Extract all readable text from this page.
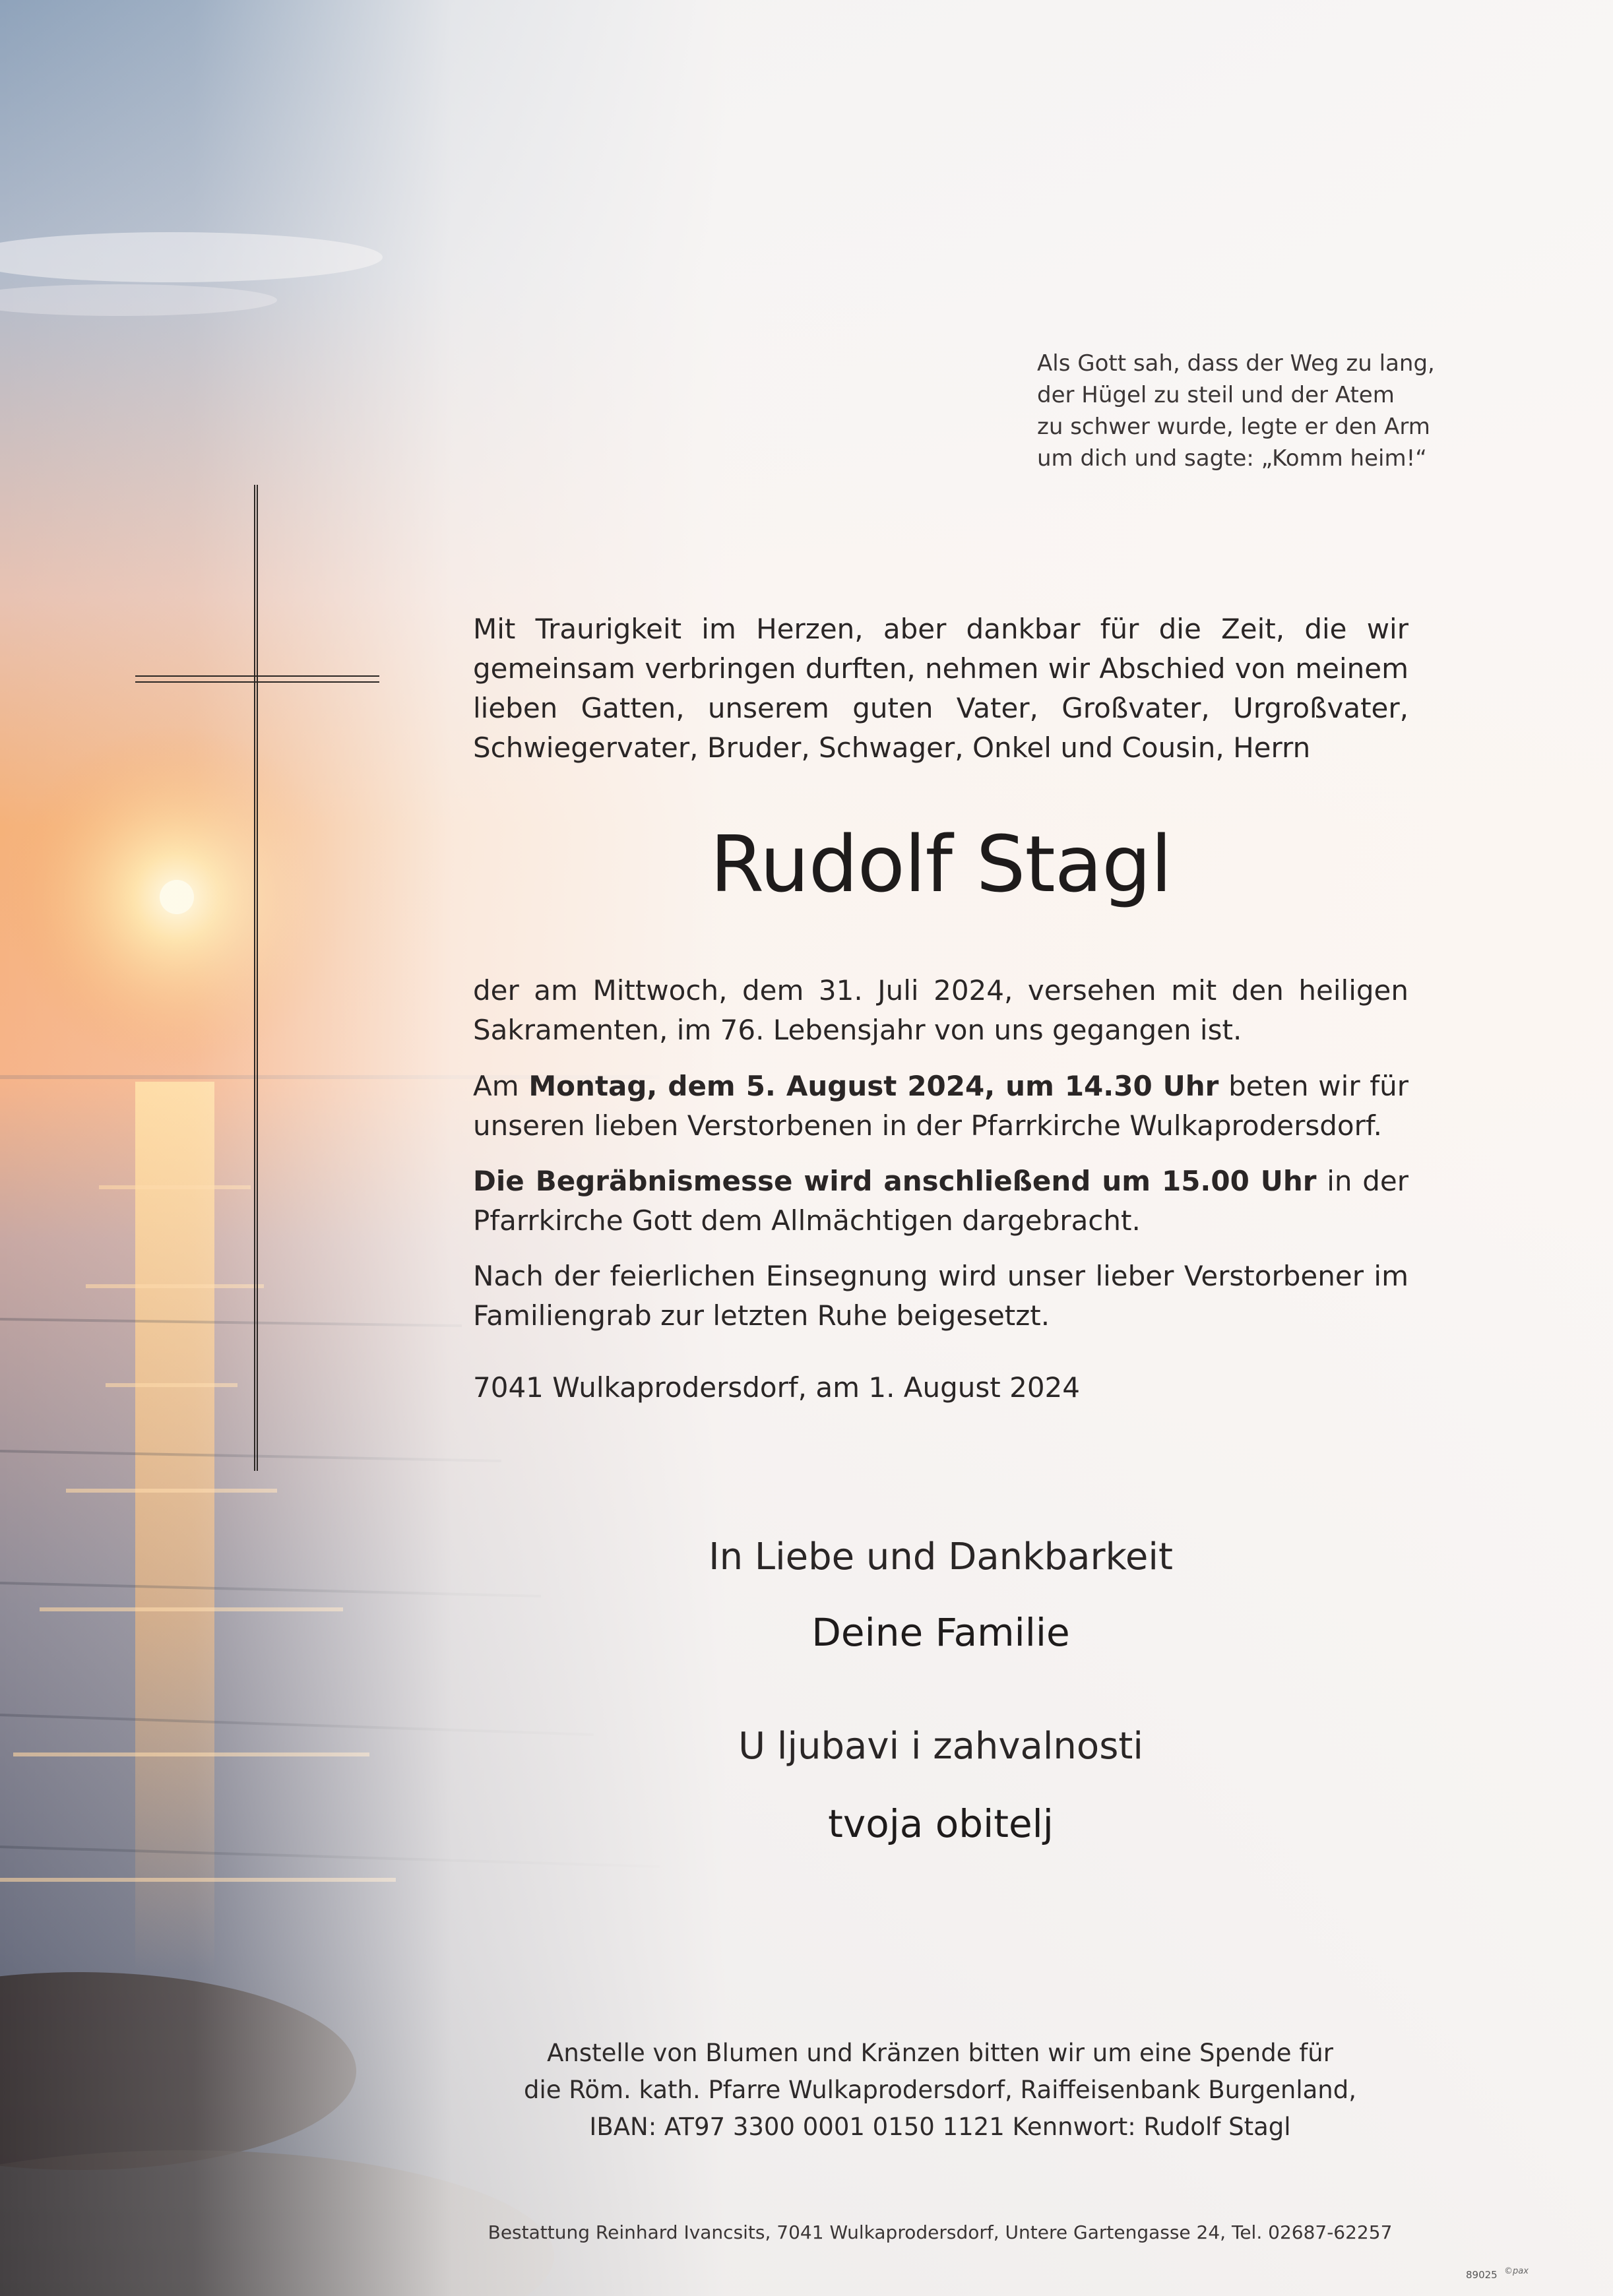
Als Gott sah, dass der Weg zu lang,
der Hügel zu steil und der Atem
zu schwer wurde, legte er den Arm
um dich und sagte: „Komm heim!“
Mit Traurigkeit im Herzen, aber dankbar für die Zeit, die wir gemeinsam verbringen durften, nehmen wir Abschied von meinem lieben Gatten, unserem guten Vater, Großvater, Urgroßvater, Schwiegervater, Bruder, Schwager, Onkel und Cousin, Herrn
Rudolf Stagl
der am Mittwoch, dem 31. Juli 2024, versehen mit den heiligen Sakramenten, im 76. Lebensjahr von uns gegangen ist.
Am Montag, dem 5. August 2024, um 14.30 Uhr beten wir für unseren lieben Verstorbenen in der Pfarrkirche Wulkaprodersdorf.
Die Begräbnismesse wird anschließend um 15.00 Uhr in der Pfarrkirche Gott dem Allmächtigen dargebracht.
Nach der feierlichen Einsegnung wird unser lieber Verstorbener im Familiengrab zur letzten Ruhe beigesetzt.
7041 Wulkaprodersdorf, am 1. August 2024
In Liebe und Dankbarkeit
Deine Familie
U ljubavi i zahvalnosti
tvoja obitelj
Anstelle von Blumen und Kränzen bitten wir um eine Spende für
die Röm. kath. Pfarre Wulkaprodersdorf, Raiffeisenbank Burgenland,
IBAN: AT97 3300 0001 0150 1121 Kennwort: Rudolf Stagl
Bestattung Reinhard Ivancsits, 7041 Wulkaprodersdorf, Untere Gartengasse 24, Tel. 02687-62257
89025 ©pax
